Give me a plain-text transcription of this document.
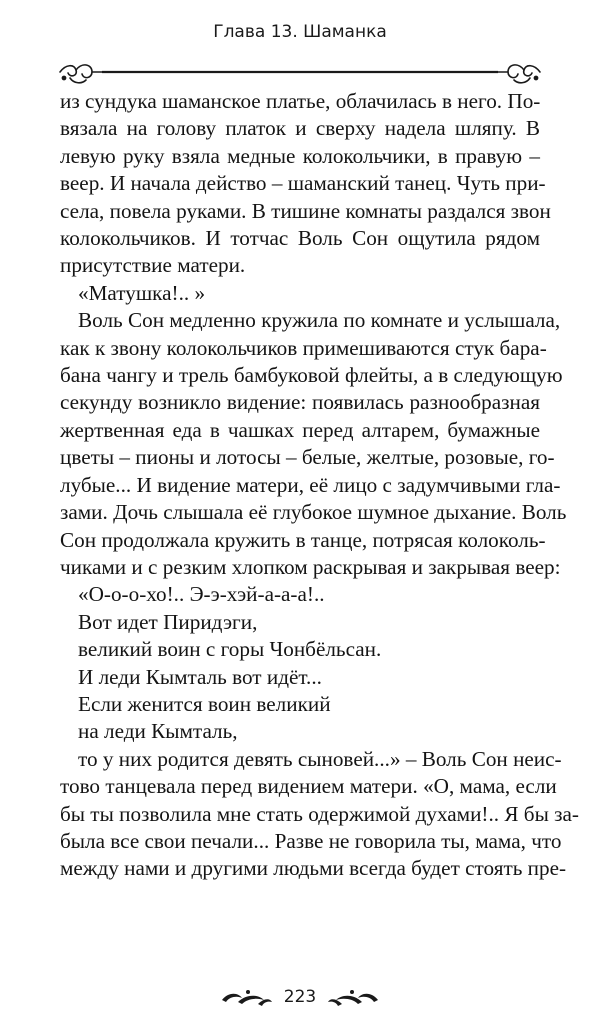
Глава 13. Шаманка

из сундука шаманское платье, облачилась в него. По-

вязала на голову платок и сверху надела шляпу. В

левую руку взяла медные колокольчики, в правую –

веер. И начала действо – шаманский танец. Чуть при-

села, повела руками. В тишине комнаты раздался звон

колокольчиков. И тотчас Воль Сон ощутила рядом

присутствие матери.

«Матушка!.. »

Воль Сон медленно кружила по комнате и услышала,

как к звону колокольчиков примешиваются стук бара-

бана чангу и трель бамбуковой флейты, а в следующую

секунду возникло видение: появилась разнообразная

жертвенная еда в чашках перед алтарем, бумажные

цветы – пионы и лотосы – белые, желтые, розовые, го-

лубые... И видение матери, её лицо с задумчивыми гла-

зами. Дочь слышала её глубокое шумное дыхание. Воль

Сон продолжала кружить в танце, потрясая колоколь-

чиками и с резким хлопком раскрывая и закрывая веер:

«О-о-о-хо!.. Э-э-хэй-а-а-а!..

Вот идет Пиридэги,

великий воин с горы Чонбёльсан.

И леди Кымталь вот идёт...

Если женится воин великий

на леди Кымталь,

то у них родится девять сыновей...» – Воль Сон неис-

тово танцевала перед видением матери. «О, мама, если

бы ты позволила мне стать одержимой духами!.. Я бы за-

была все свои печали... Разве не говорила ты, мама, что

между нами и другими людьми всегда будет стоять пре-

223
